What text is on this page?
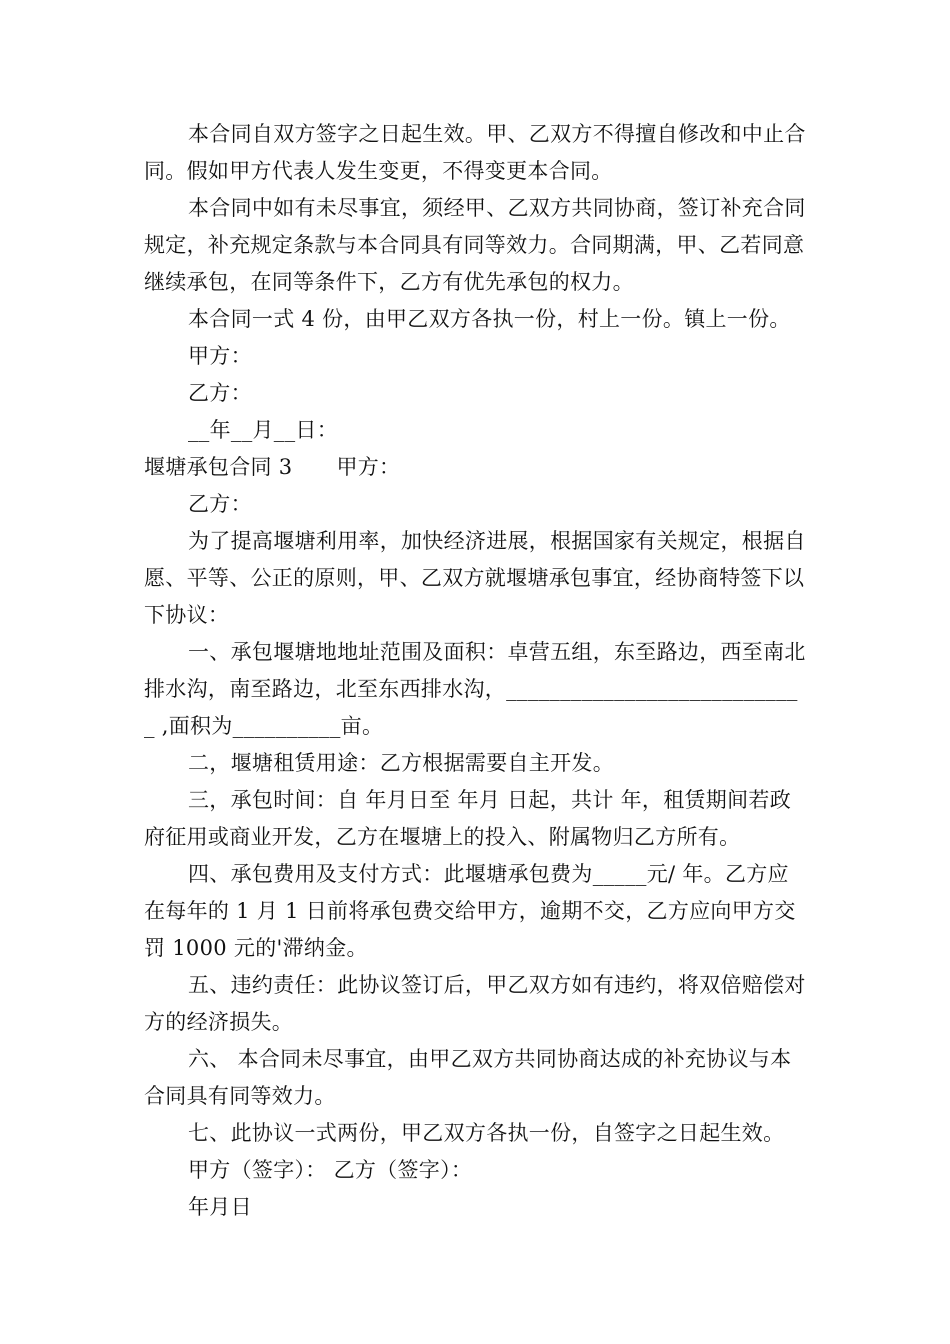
本合同自双方签字之日起生效。甲、乙双方不得擅自修改和中止合同。假如甲方代表人发生变更，不得变更本合同。

本合同中如有未尽事宜，须经甲、乙双方共同协商，签订补充合同规定，补充规定条款与本合同具有同等效力。合同期满，甲、乙若同意继续承包，在同等条件下，乙方有优先承包的权力。

本合同一式 4 份，由甲乙双方各执一份，村上一份。镇上一份。

甲方：

乙方：

__年__月__日：

堰塘承包合同 3 甲方：

乙方：

为了提高堰塘利用率，加快经济进展，根据国家有关规定，根据自愿、平等、公正的原则，甲、乙双方就堰塘承包事宜，经协商特签下以下协议：

一、承包堰塘地地址范围及面积：卓营五组，东至路边，西至南北排水沟，南至路边，北至东西排水沟，____________________________ ,面积为__________亩。

二，堰塘租赁用途：乙方根据需要自主开发。

三，承包时间：自 年月日至 年月 日起，共计 年，租赁期间若政府征用或商业开发，乙方在堰塘上的投入、附属物归乙方所有。

四、承包费用及支付方式：此堰塘承包费为_____元/ 年。乙方应在每年的 1 月 1 日前将承包费交给甲方，逾期不交，乙方应向甲方交罚 1000 元的'滞纳金。

五、违约责任：此协议签订后，甲乙双方如有违约，将双倍赔偿对方的经济损失。

六、 本合同未尽事宜，由甲乙双方共同协商达成的补充协议与本合同具有同等效力。

七、此协议一式两份，甲乙双方各执一份，自签字之日起生效。

甲方（签字）： 乙方（签字）：

年月日
